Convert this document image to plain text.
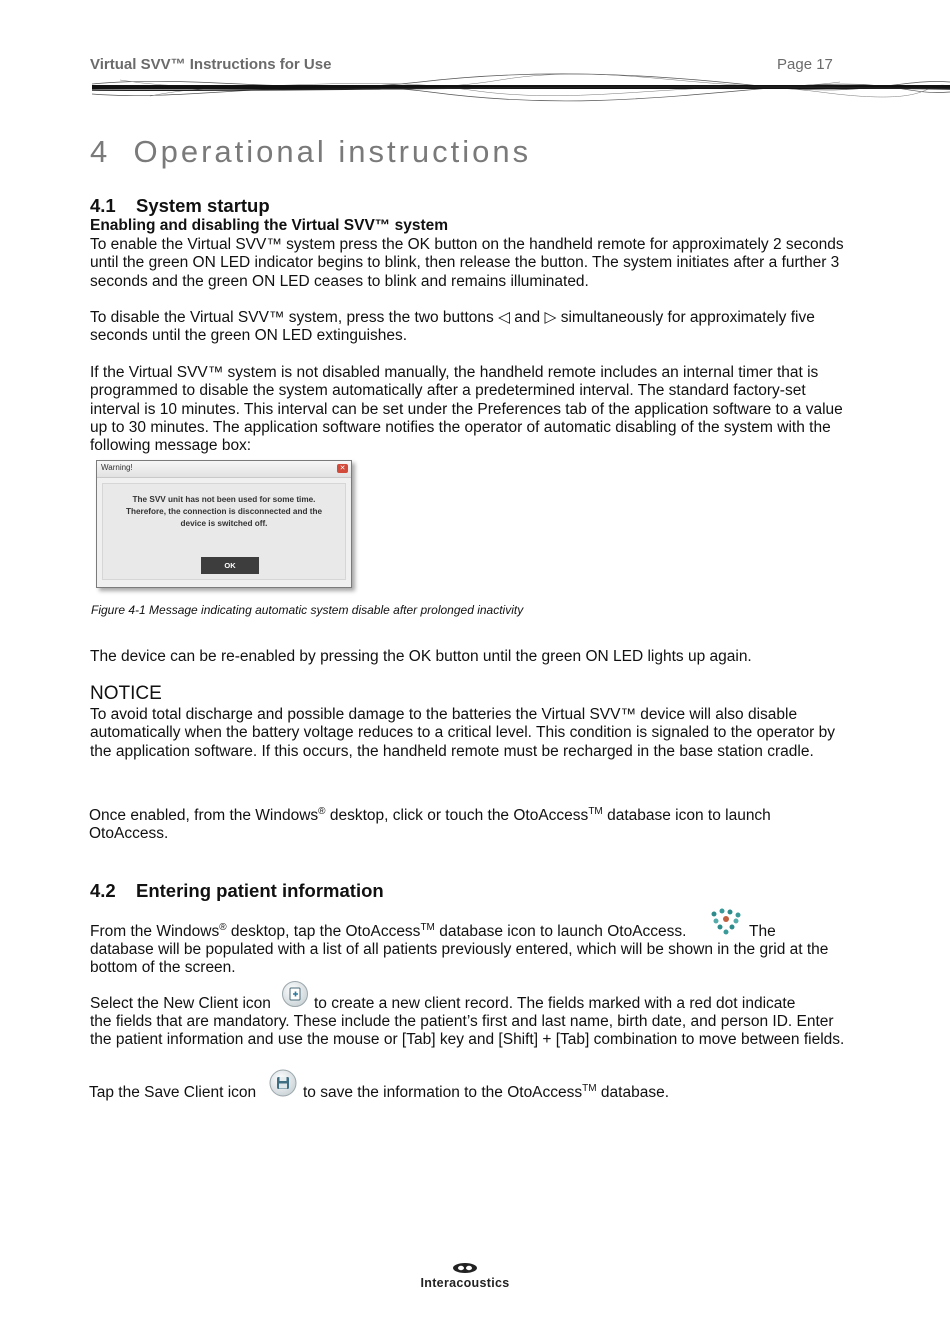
Virtual SVV™ Instructions for Use	Page 17
4 Operational instructions
4.1 System startup

Enabling and disabling the Virtual SVV™ system

To enable the Virtual SVV™ system press the OK button on the handheld remote for approximately 2 seconds until the green ON LED indicator begins to blink, then release the button. The system initiates after a further 3 seconds and the green ON LED ceases to blink and remains illuminated.

To disable the Virtual SVV™ system, press the two buttons ◁ and ▷ simultaneously for approximately five seconds until the green ON LED extinguishes.

If the Virtual SVV™ system is not disabled manually, the handheld remote includes an internal timer that is programmed to disable the system automatically after a predetermined interval. The standard factory-set interval is 10 minutes. This interval can be set under the Preferences tab of the application software to a value up to 30 minutes. The application software notifies the operator of automatic disabling of the system with the following message box:

Warning!	✕
The SVV unit has not been used for some time.
Therefore, the connection is disconnected and the
device is switched off.
OK

Figure 4-1 Message indicating automatic system disable after prolonged inactivity

The device can be re-enabled by pressing the OK button until the green ON LED lights up again.

NOTICE

To avoid total discharge and possible damage to the batteries the Virtual SVV™ device will also disable automatically when the battery voltage reduces to a critical level. This condition is signaled to the operator by the application software. If this occurs, the handheld remote must be recharged in the base station cradle.

Once enabled, from the Windows® desktop, click or touch the OtoAccess™ database icon to launch OtoAccess.

4.2 Entering patient information

From the Windows® desktop, tap the OtoAccess™ database icon to launch OtoAccess.	The

database will be populated with a list of all patients previously entered, which will be shown in the grid at the bottom of the screen.

Select the New Client icon	to create a new client record. The fields marked with a red dot indicate

the fields that are mandatory. These include the patient’s first and last name, birth date, and person ID. Enter the patient information and use the mouse or [Tab] key and [Shift] + [Tab] combination to move between fields.

Tap the Save Client icon	to save the information to the OtoAccess™ database.

Interacoustics
